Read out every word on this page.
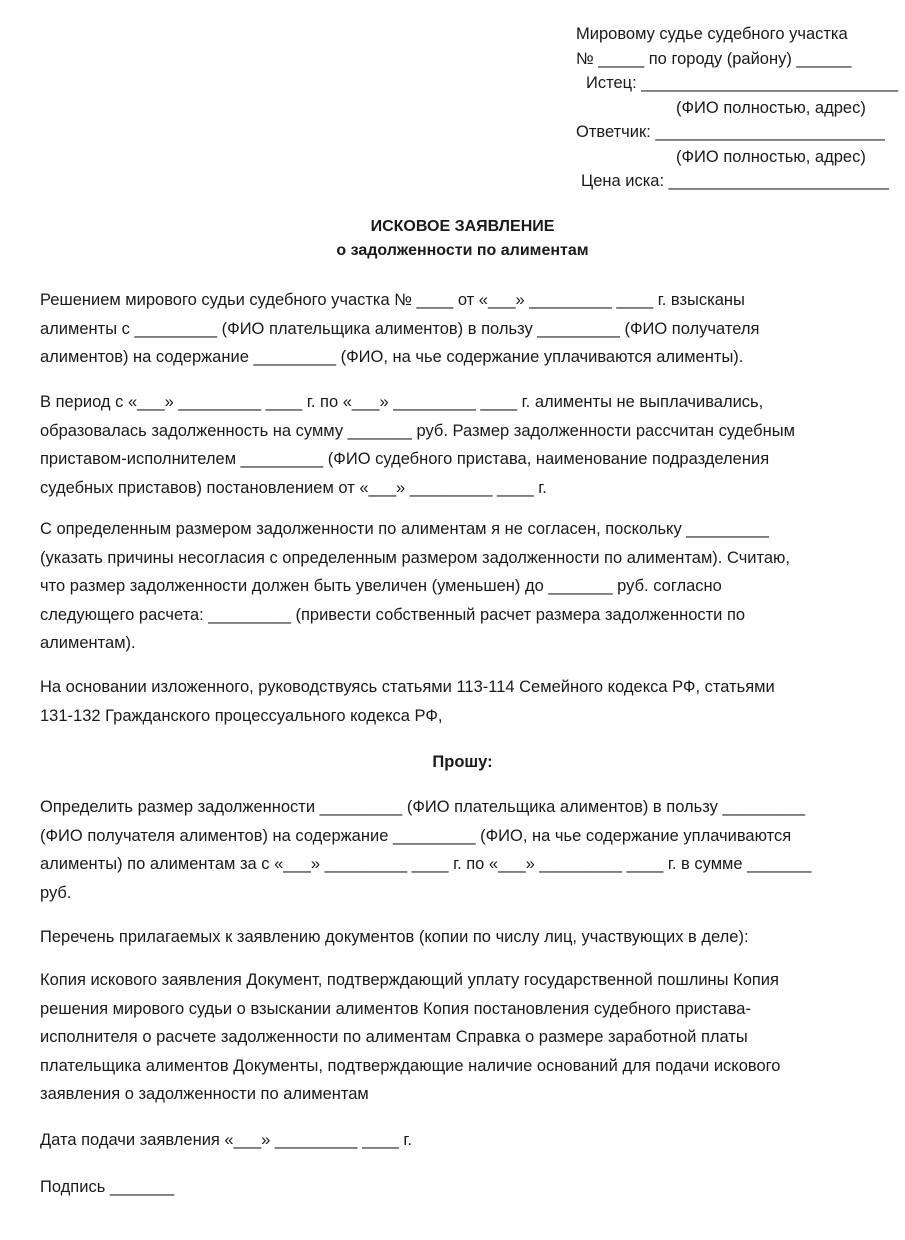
Мировому судье судебного участка
№ _____ по городу (району) ______
Истец: ____________________________
(ФИО полностью, адрес)
Ответчик: _________________________
(ФИО полностью, адрес)
Цена иска: ________________________
ИСКОВОЕ ЗАЯВЛЕНИЕ
о задолженности по алиментам
Решением мирового судьи судебного участка № ____ от «___» _________ ____ г. взысканы
алименты с _________ (ФИО плательщика алиментов) в пользу _________ (ФИО получателя
алиментов) на содержание _________ (ФИО, на чье содержание уплачиваются алименты).
В период с «___» _________ ____ г. по «___» _________ ____ г. алименты не выплачивались,
образовалась задолженность на сумму _______ руб. Размер задолженности рассчитан судебным
приставом-исполнителем _________ (ФИО судебного пристава, наименование подразделения
судебных приставов) постановлением от «___» _________ ____ г.
С определенным размером задолженности по алиментам я не согласен, поскольку _________
(указать причины несогласия с определенным размером задолженности по алиментам). Считаю,
что размер задолженности должен быть увеличен (уменьшен) до _______ руб. согласно
следующего расчета: _________ (привести собственный расчет размера задолженности по
алиментам).
На основании изложенного, руководствуясь статьями 113-114 Семейного кодекса РФ, статьями
131-132 Гражданского процессуального кодекса РФ,
Прошу:
Определить размер задолженности _________ (ФИО плательщика алиментов) в пользу _________
(ФИО получателя алиментов) на содержание _________ (ФИО, на чье содержание уплачиваются
алименты) по алиментам за с «___» _________ ____ г. по «___» _________ ____ г. в сумме _______
руб.
Перечень прилагаемых к заявлению документов (копии по числу лиц, участвующих в деле):
Копия искового заявления Документ, подтверждающий уплату государственной пошлины Копия
решения мирового судьи о взыскании алиментов Копия постановления судебного пристава-
исполнителя о расчете задолженности по алиментам Справка о размере заработной платы
плательщика алиментов Документы, подтверждающие наличие оснований для подачи искового
заявления о задолженности по алиментам
Дата подачи заявления «___» _________ ____ г.
Подпись _______
